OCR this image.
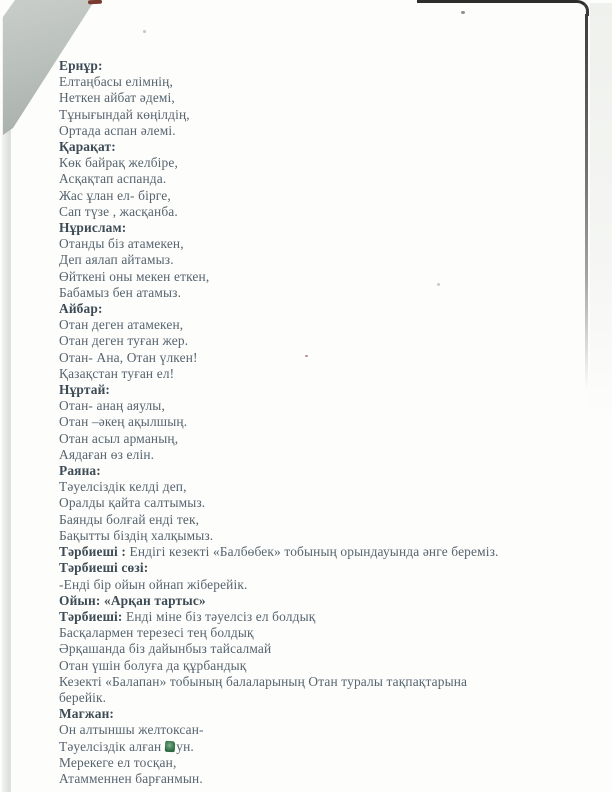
Ернұр:
Елтаңбасы елімнің,
Неткен айбат әдемі,
Тұнығындай көңілдің,
Ортада аспан әлемі.
Қарақат:
Көк байрақ желбіре,
Асқақтап аспанда.
Жас ұлан ел- бірге,
Сап түзе , жасқанба.
Нұрислам:
Отанды біз атамекен,
Деп аялап айтамыз.
Өйткені оны мекен еткен,
Бабамыз бен атамыз.
Айбар:
Отан деген атамекен,
Отан деген туған жер.
Отан- Ана, Отан үлкен!
Қазақстан туған ел!
Нұртай:
Отан- анаң аяулы,
Отан –әкең ақылшың.
Отан асыл арманың,
Аядаған өз елін.
Раяна:
Тәуелсіздік келді деп,
Оралды қайта салтымыз.
Баянды болғай енді тек,
Бақытты біздің халқымыз.
Тәрбиеші : Ендігі кезекті «Балбөбек» тобының орындауында әнге береміз.
Тәрбиеші сөзі:
-Енді бір ойын ойнап жіберейік.
Ойын: «Арқан тартыс»
Тәрбиеші: Енді міне біз тәуелсіз ел болдық
Басқалармен терезесі тең болдық
Әрқашанда біз дайынбыз тайсалмай
Отан үшін болуға да құрбандық
Кезекті «Балапан» тобының балаларының Отан туралы тақпақтарына
берейік.
Магжан:
Он алтыншы желтоксан-
Тәуелсіздік алған ун.
Мерекеге ел тосқан,
Атамменнен барғанмын.
